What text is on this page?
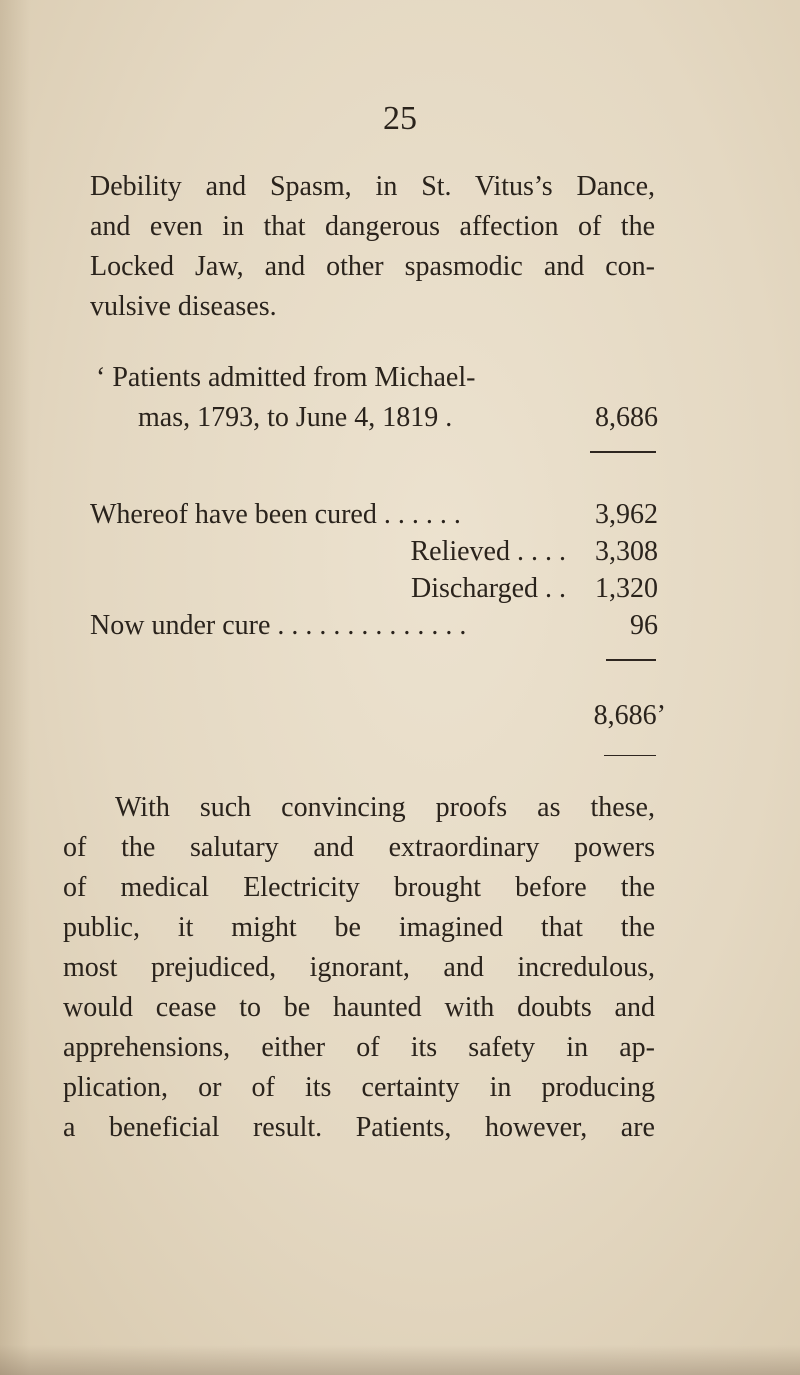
25

Debility and Spasm, in St. Vitus’s Dance,
and even in that dangerous affection of the
Locked Jaw, and other spasmodic and con-
vulsive diseases.

‘ Patients admitted from Michael-
mas, 1793, to June 4, 1819 .	8,686
Whereof have been cured . . . . . .	3,962
Relieved . . . . 3,308
Discharged . . 1,320
Now under cure . . . . . . . . . . . . . .	96
8,686’

With such convincing proofs as these,
of the salutary and extraordinary powers
of medical Electricity brought before the
public, it might be imagined that the
most prejudiced, ignorant, and incredulous,
would cease to be haunted with doubts and
apprehensions, either of its safety in ap-
plication, or of its certainty in producing
a beneficial result. Patients, however, are
